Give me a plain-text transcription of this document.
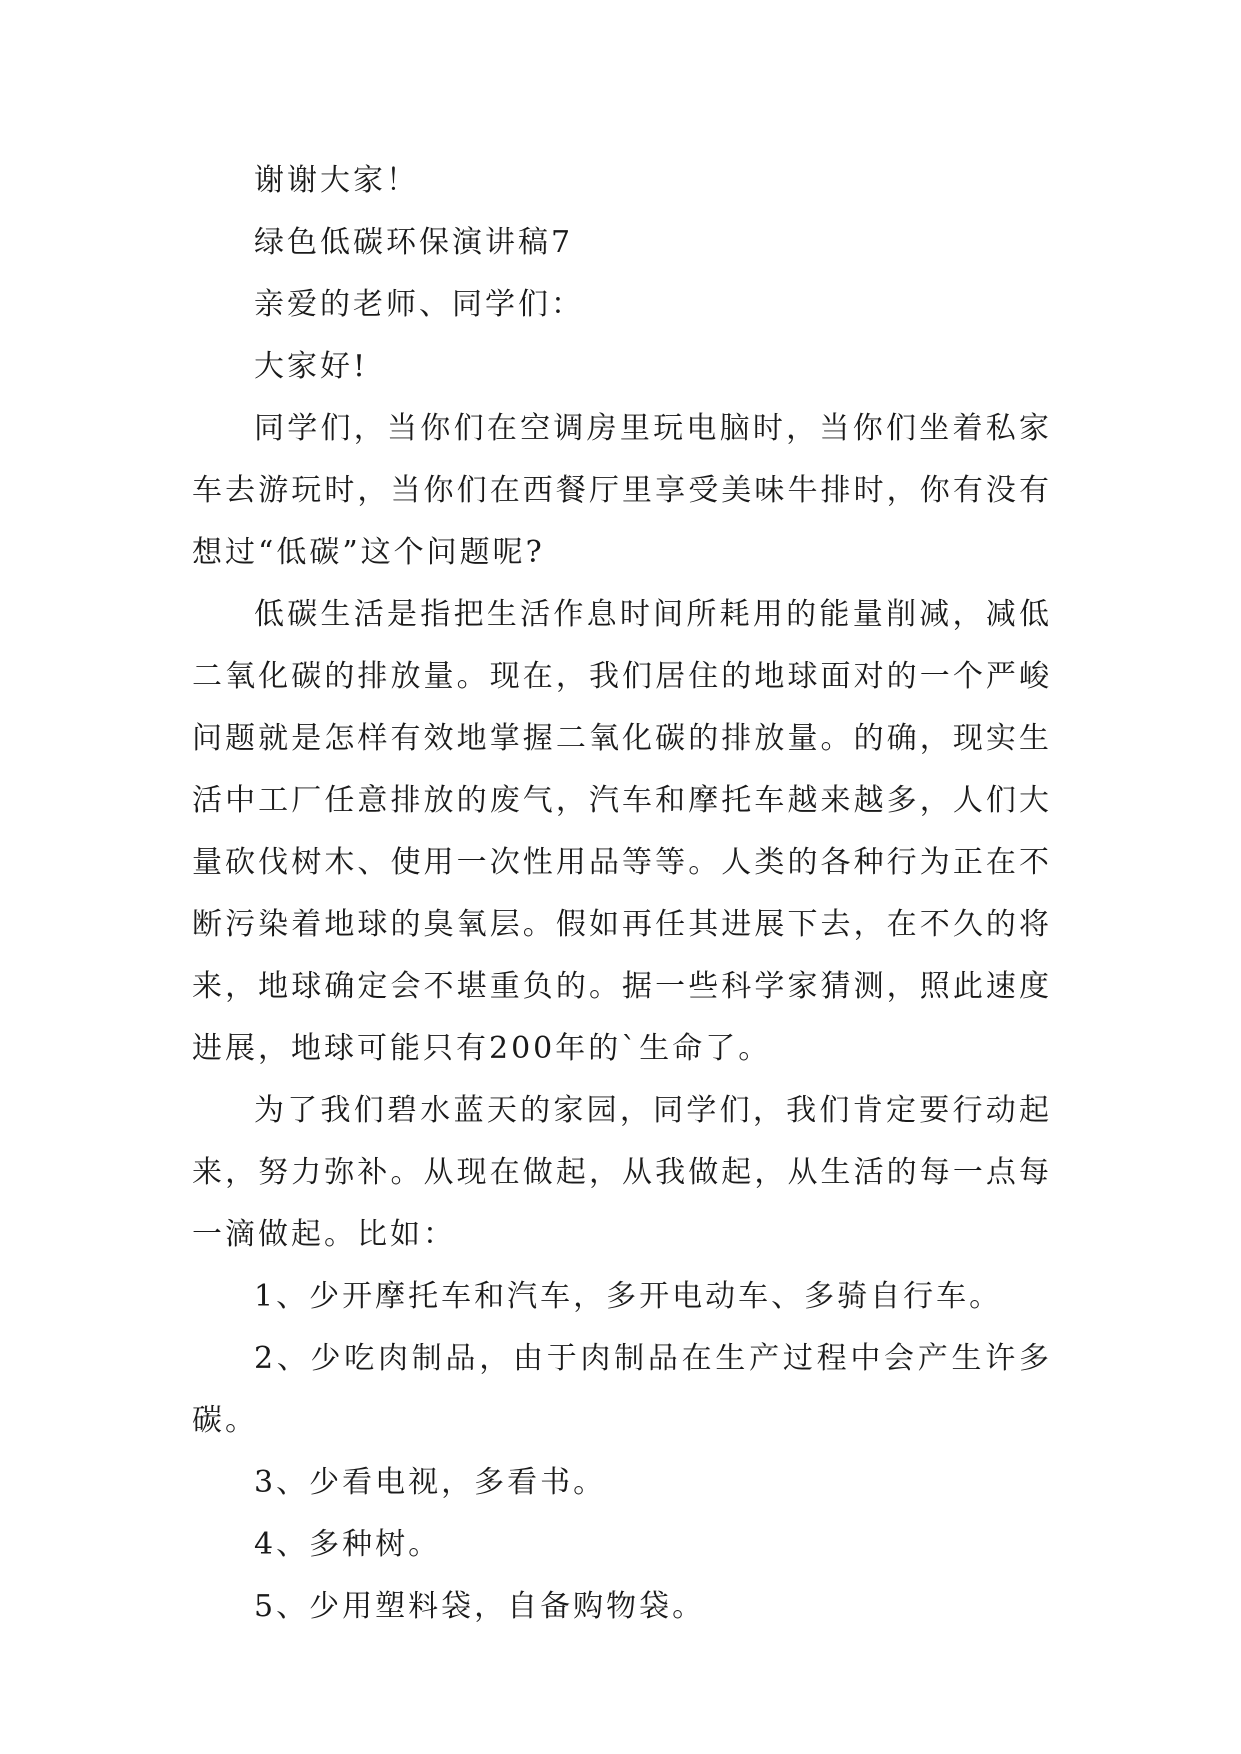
谢谢大家！

绿色低碳环保演讲稿7

亲爱的老师、同学们：

大家好!

同学们，当你们在空调房里玩电脑时，当你们坐着私家车去游玩时，当你们在西餐厅里享受美味牛排时，你有没有想过“低碳”这个问题呢?

低碳生活是指把生活作息时间所耗用的能量削减，减低二氧化碳的排放量。现在，我们居住的地球面对的一个严峻问题就是怎样有效地掌握二氧化碳的排放量。的确，现实生活中工厂任意排放的废气，汽车和摩托车越来越多，人们大量砍伐树木、使用一次性用品等等。人类的各种行为正在不断污染着地球的臭氧层。假如再任其进展下去，在不久的将来，地球确定会不堪重负的。据一些科学家猜测，照此速度进展，地球可能只有200年的`生命了。

为了我们碧水蓝天的家园，同学们，我们肯定要行动起来，努力弥补。从现在做起，从我做起，从生活的每一点每一滴做起。比如：

1、少开摩托车和汽车，多开电动车、多骑自行车。

2、少吃肉制品，由于肉制品在生产过程中会产生许多碳。

3、少看电视，多看书。

4、多种树。

5、少用塑料袋，自备购物袋。
